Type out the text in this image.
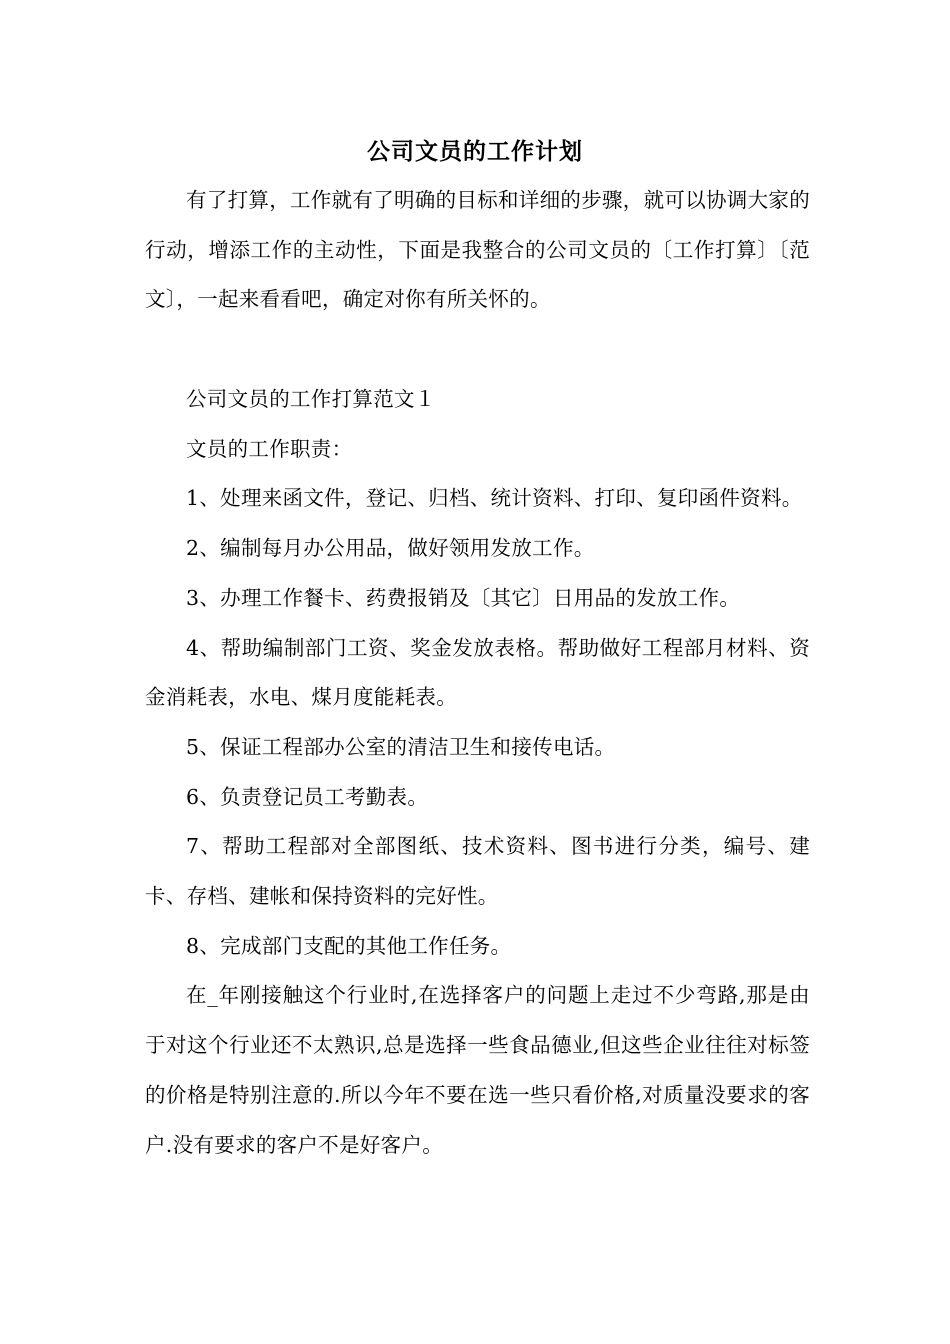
公司文员的工作计划

有了打算，工作就有了明确的目标和详细的步骤，就可以协调大家的行动，增添工作的主动性，下面是我整合的公司文员的〔工作打算〕〔范文〕，一起来看看吧，确定对你有所关怀的。

公司文员的工作打算范文１

文员的工作职责：

1、处理来函文件，登记、归档、统计资料、打印、复印函件资料。

2、编制每月办公用品，做好领用发放工作。

3、办理工作餐卡、药费报销及〔其它〕日用品的发放工作。

4、帮助编制部门工资、奖金发放表格。帮助做好工程部月材料、资金消耗表，水电、煤月度能耗表。

5、保证工程部办公室的清洁卫生和接传电话。

6、负责登记员工考勤表。

7、帮助工程部对全部图纸、技术资料、图书进行分类，编号、建卡、存档、建帐和保持资料的完好性。

8、完成部门支配的其他工作任务。

在_年刚接触这个行业时,在选择客户的问题上走过不少弯路,那是由于对这个行业还不太熟识,总是选择一些食品德业,但这些企业往往对标签的价格是特别注意的.所以今年不要在选一些只看价格,对质量没要求的客户.没有要求的客户不是好客户。
